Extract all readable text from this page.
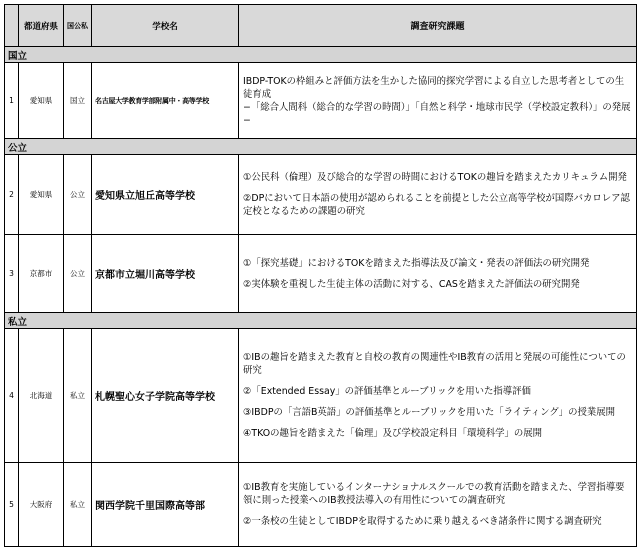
	都道府県	国公私	学校名	調査研究課題
国立				
1	愛知県	国立	名古屋大学教育学部附属中・高等学校	IBDP-TOKの枠組みと評価方法を生かした協同的探究学習による自立した思考者としての生徒育成
−「総合人間科（総合的な学習の時間）」「自然と科学・地球市民学（学校設定教科）」の発展−

公立				
2	愛知県	公立	愛知県立旭丘高等学校	①公民科（倫理）及び総合的な学習の時間におけるTOKの趣旨を踏まえたカリキュラム開発
②DPにおいて日本語の使用が認められることを前提とした公立高等学校が国際バカロレア認定校となるための課題の研究

3	京都市	公立	京都市立堀川高等学校	①「探究基礎」におけるTOKを踏まえた指導法及び論文・発表の評価法の研究開発
②実体験を重視した生徒主体の活動に対する、CASを踏まえた評価法の研究開発

私立				
4	北海道	私立	札幌聖心女子学院高等学校	①IBの趣旨を踏まえた教育と自校の教育の関連性やIB教育の活用と発展の可能性についての研究
②「Extended Essay」の評価基準とルーブリックを用いた指導評価
③IBDPの「言語B英語」の評価基準とルーブリックを用いた「ライティング」の授業展開
④TKOの趣旨を踏まえた「倫理」及び学校設定科目「環境科学」の展開

5	大阪府	私立	関西学院千里国際高等部	①IB教育を実施しているインターナショナルスクールでの教育活動を踏まえた、学習指導要領に則った授業へのIB教授法導入の有用性についての調査研究
②一条校の生徒としてIBDPを取得するために乗り越えるべき諸条件に関する調査研究
